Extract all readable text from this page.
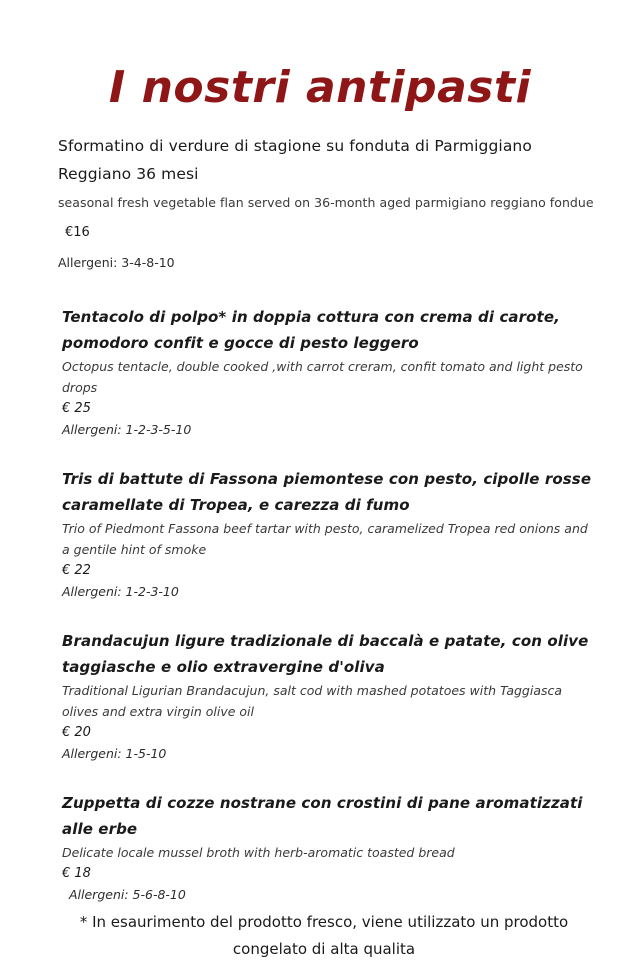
I nostri antipasti
Sformatino di verdure di stagione su fonduta di Parmiggiano Reggiano 36 mesi
seasonal fresh vegetable flan served on 36-month aged parmigiano reggiano fondue
€16
Allergeni: 3-4-8-10
Tentacolo di polpo* in doppia cottura con crema di carote, pomodoro confit e gocce di pesto leggero
Octopus tentacle, double cooked ,with carrot creram, confit tomato and light pesto drops
€ 25
Allergeni: 1-2-3-5-10
Tris di battute di Fassona piemontese con pesto, cipolle rosse caramellate di Tropea, e carezza di fumo
Trio of Piedmont Fassona beef tartar with pesto, caramelized Tropea red onions and a gentile hint of smoke
€ 22
Allergeni: 1-2-3-10
Brandacujun ligure tradizionale di baccalà e patate, con olive taggiasche e olio extravergine d'oliva
Traditional Ligurian Brandacujun, salt cod with mashed potatoes with Taggiasca olives and extra virgin olive oil
€ 20
Allergeni: 1-5-10
Zuppetta di cozze nostrane con crostini di pane aromatizzati alle erbe
Delicate locale mussel broth with herb-aromatic toasted bread
€ 18
Allergeni: 5-6-8-10
* In esaurimento del prodotto fresco, viene utilizzato un prodotto congelato di alta qualita
